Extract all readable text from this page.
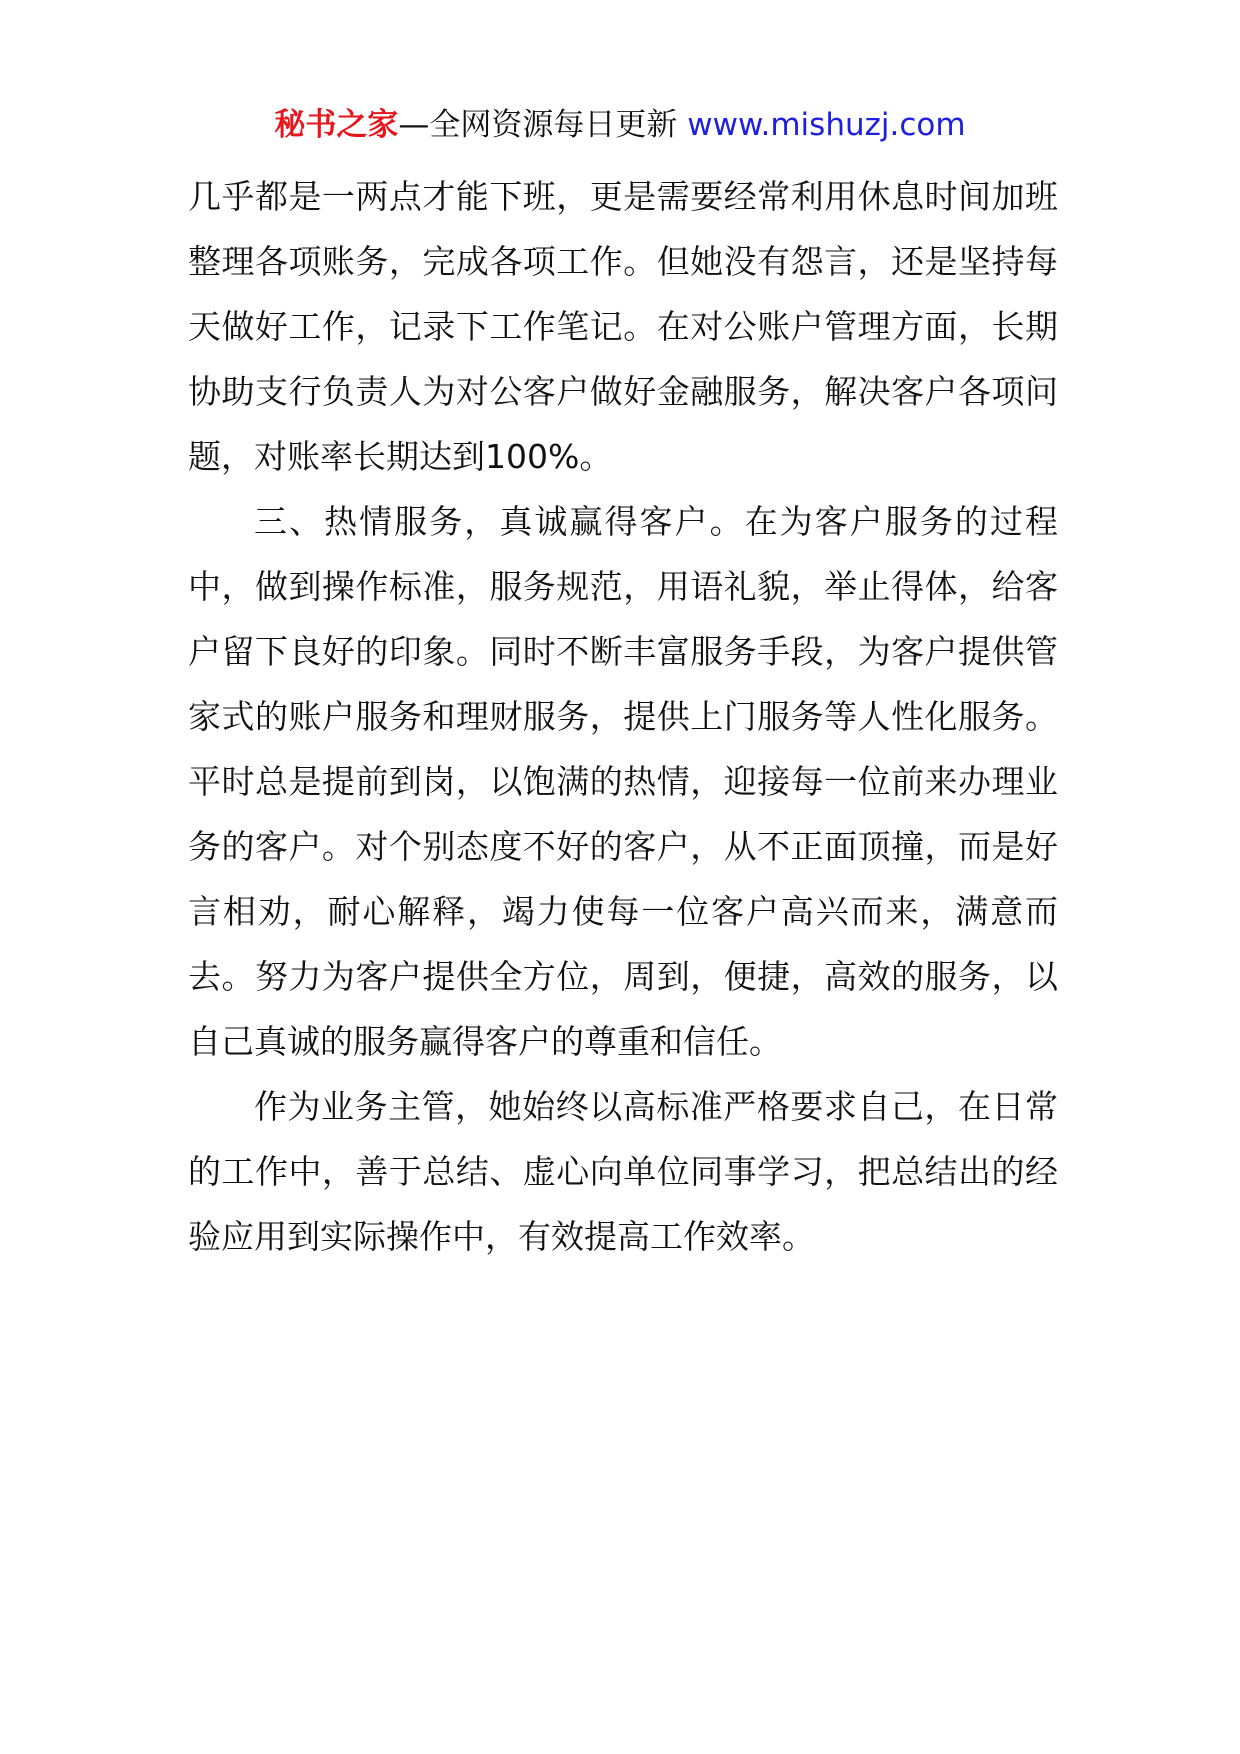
秘书之家—全网资源每日更新 www.mishuzj.com

几乎都是一两点才能下班，更是需要经常利用休息时间加班整理各项账务，完成各项工作。但她没有怨言，还是坚持每天做好工作，记录下工作笔记。在对公账户管理方面，长期协助支行负责人为对公客户做好金融服务，解决客户各项问题，对账率长期达到100%。

三、热情服务，真诚赢得客户。在为客户服务的过程中，做到操作标准，服务规范，用语礼貌，举止得体，给客户留下良好的印象。同时不断丰富服务手段，为客户提供管家式的账户服务和理财服务，提供上门服务等人性化服务。平时总是提前到岗，以饱满的热情，迎接每一位前来办理业务的客户。对个别态度不好的客户，从不正面顶撞，而是好言相劝，耐心解释，竭力使每一位客户高兴而来，满意而去。努力为客户提供全方位，周到，便捷，高效的服务，以自己真诚的服务赢得客户的尊重和信任。

作为业务主管，她始终以高标准严格要求自己，在日常的工作中，善于总结、虚心向单位同事学习，把总结出的经验应用到实际操作中，有效提高工作效率。
